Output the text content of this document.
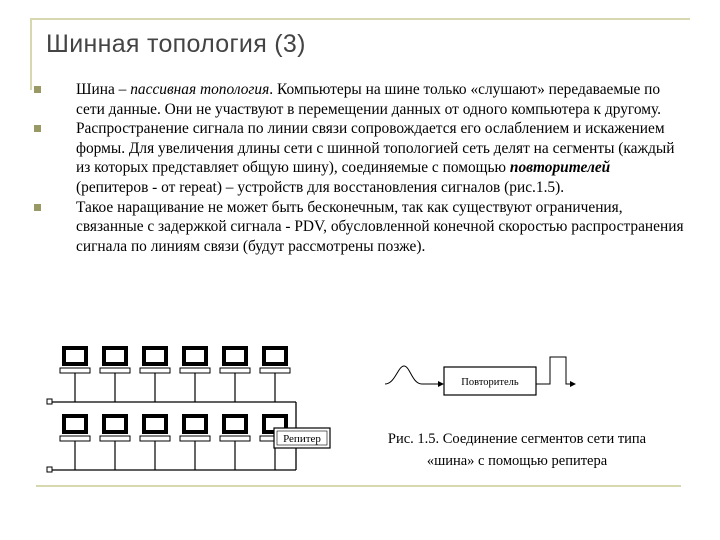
Шинная топология (3)
Шина – пассивная топология. Компьютеры на шине только «слушают» передаваемые по сети данные. Они не участвуют в перемещении данных от одного компьютера к другому.
Распространение сигнала по линии связи сопровождается его ослаблением и искажением формы. Для увеличения длины сети с шинной топологией сеть делят на сегменты (каждый из которых представляет общую шину), соединяемые с помощью повторителей (репитеров - от repeat) – устройств для восстановления сигналов (рис.1.5).
Такое наращивание не может быть бесконечным, так как существуют ограничения, связанные с задержкой сигнала - PDV, обусловленной конечной скоростью распространения сигнала по линиям связи (будут рассмотрены позже).
Репитер
Повторитель
Рис. 1.5. Соединение сегментов сети типа
«шина» с помощью репитера
